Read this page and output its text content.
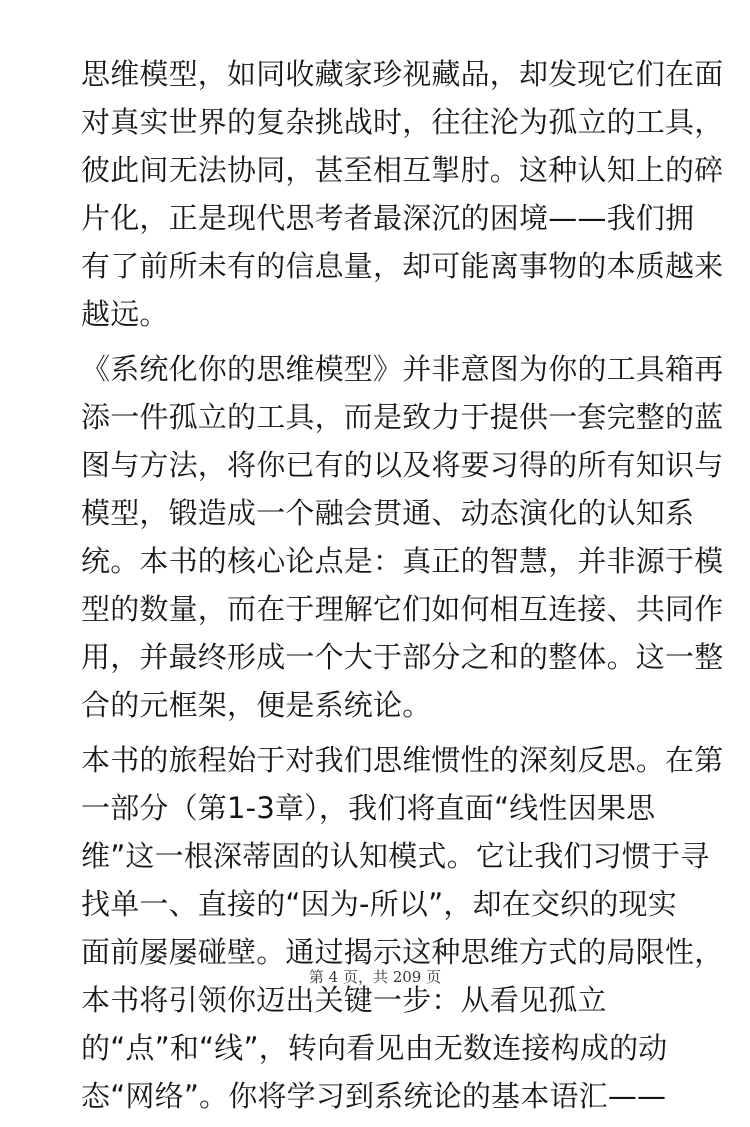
思维模型，如同收藏家珍视藏品，却发现它们在面
对真实世界的复杂挑战时，往往沦为孤立的工具，
彼此间无法协同，甚至相互掣肘。这种认知上的碎
片化，正是现代思考者最深沉的困境——我们拥
有了前所未有的信息量，却可能离事物的本质越来
越远。

《系统化你的思维模型》并非意图为你的工具箱再
添一件孤立的工具，而是致力于提供一套完整的蓝
图与方法，将你已有的以及将要习得的所有知识与
模型，锻造成一个融会贯通、动态演化的认知系
统。本书的核心论点是：真正的智慧，并非源于模
型的数量，而在于理解它们如何相互连接、共同作
用，并最终形成一个大于部分之和的整体。这一整
合的元框架，便是系统论。

本书的旅程始于对我们思维惯性的深刻反思。在第
一部分（第1-3章），我们将直面“线性因果思
维”这一根深蒂固的认知模式。它让我们习惯于寻
找单一、直接的“因为-所以”，却在交织的现实
面前屡屡碰壁。通过揭示这种思维方式的局限性，
本书将引领你迈出关键一步：从看见孤立
的“点”和“线”，转向看见由无数连接构成的动
态“网络”。你将学习到系统论的基本语汇——

第 4 页，共 209 页
